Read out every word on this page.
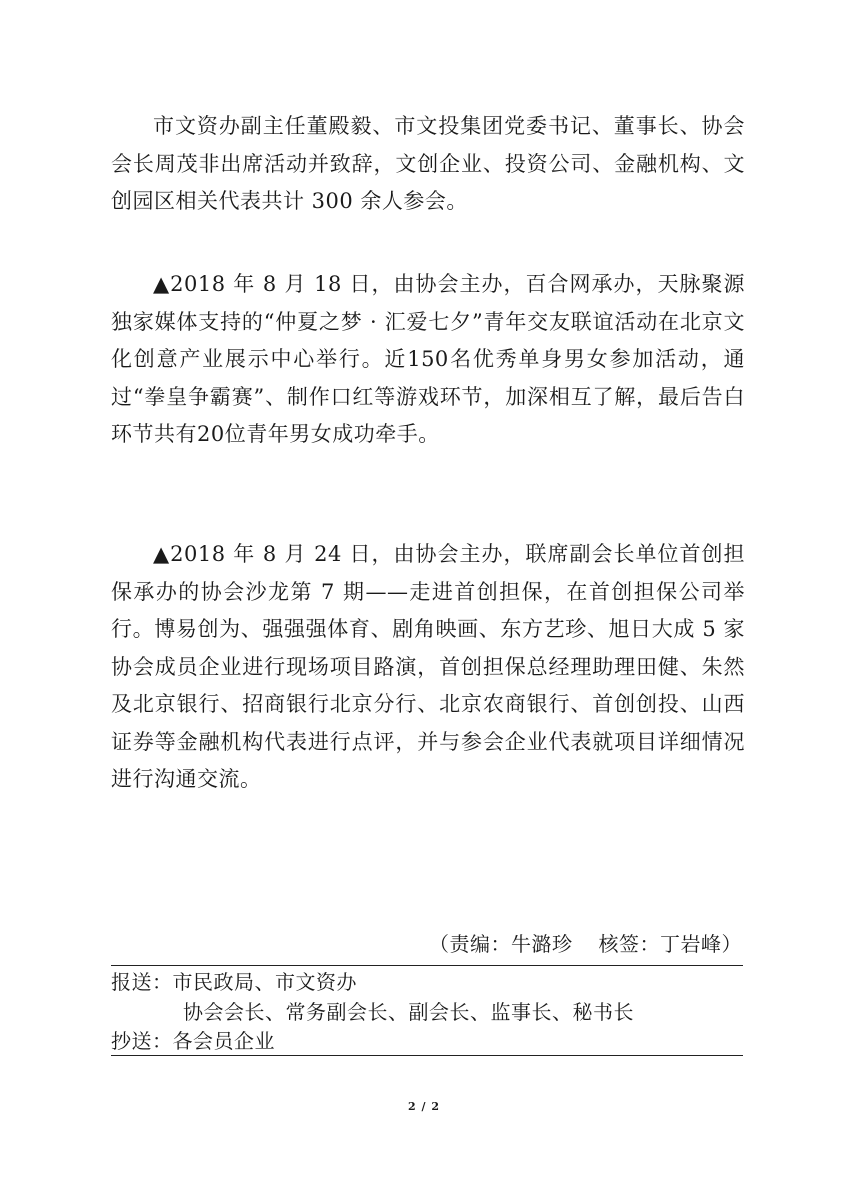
市文资办副主任董殿毅、市文投集团党委书记、董事长、协会会长周茂非出席活动并致辞，文创企业、投资公司、金融机构、文创园区相关代表共计 300 余人参会。

▲2018 年 8 月 18 日，由协会主办，百合网承办，天脉聚源独家媒体支持的“仲夏之梦 · 汇爱七夕”青年交友联谊活动在北京文化创意产业展示中心举行。近150名优秀单身男女参加活动，通过“拳皇争霸赛”、制作口红等游戏环节，加深相互了解，最后告白环节共有20位青年男女成功牵手。

▲2018 年 8 月 24 日，由协会主办，联席副会长单位首创担保承办的协会沙龙第 7 期——走进首创担保，在首创担保公司举行。博易创为、强强强体育、剧角映画、东方艺珍、旭日大成 5 家协会成员企业进行现场项目路演，首创担保总经理助理田健、朱然及北京银行、招商银行北京分行、北京农商银行、首创创投、山西证券等金融机构代表进行点评，并与参会企业代表就项目详细情况进行沟通交流。

（责编：牛潞珍 核签：丁岩峰）
报送：市民政局、市文资办
协会会长、常务副会长、副会长、监事长、秘书长
抄送：各会员企业
2 / 2
